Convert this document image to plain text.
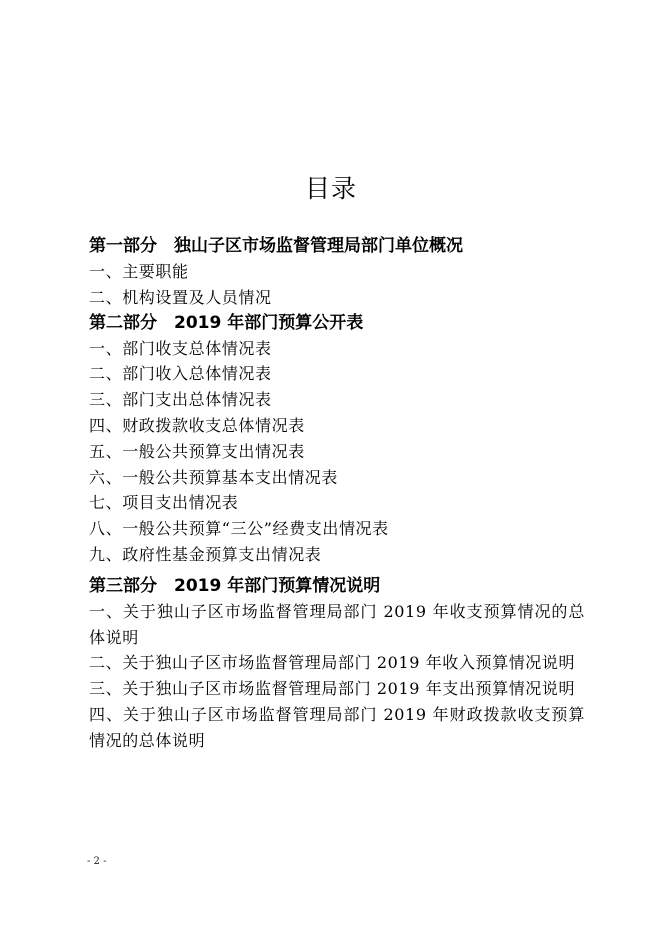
目录
第一部分　独山子区市场监督管理局部门单位概况
一、主要职能
二、机构设置及人员情况
第二部分　2019 年部门预算公开表
一、部门收支总体情况表
二、部门收入总体情况表
三、部门支出总体情况表
四、财政拨款收支总体情况表
五、一般公共预算支出情况表
六、一般公共预算基本支出情况表
七、项目支出情况表
八、一般公共预算“三公”经费支出情况表
九、政府性基金预算支出情况表
第三部分　2019 年部门预算情况说明
一、关于独山子区市场监督管理局部门 2019 年收支预算情况的总体说明
二、关于独山子区市场监督管理局部门 2019 年收入预算情况说明
三、关于独山子区市场监督管理局部门 2019 年支出预算情况说明
四、关于独山子区市场监督管理局部门 2019 年财政拨款收支预算情况的总体说明
- 2 -
